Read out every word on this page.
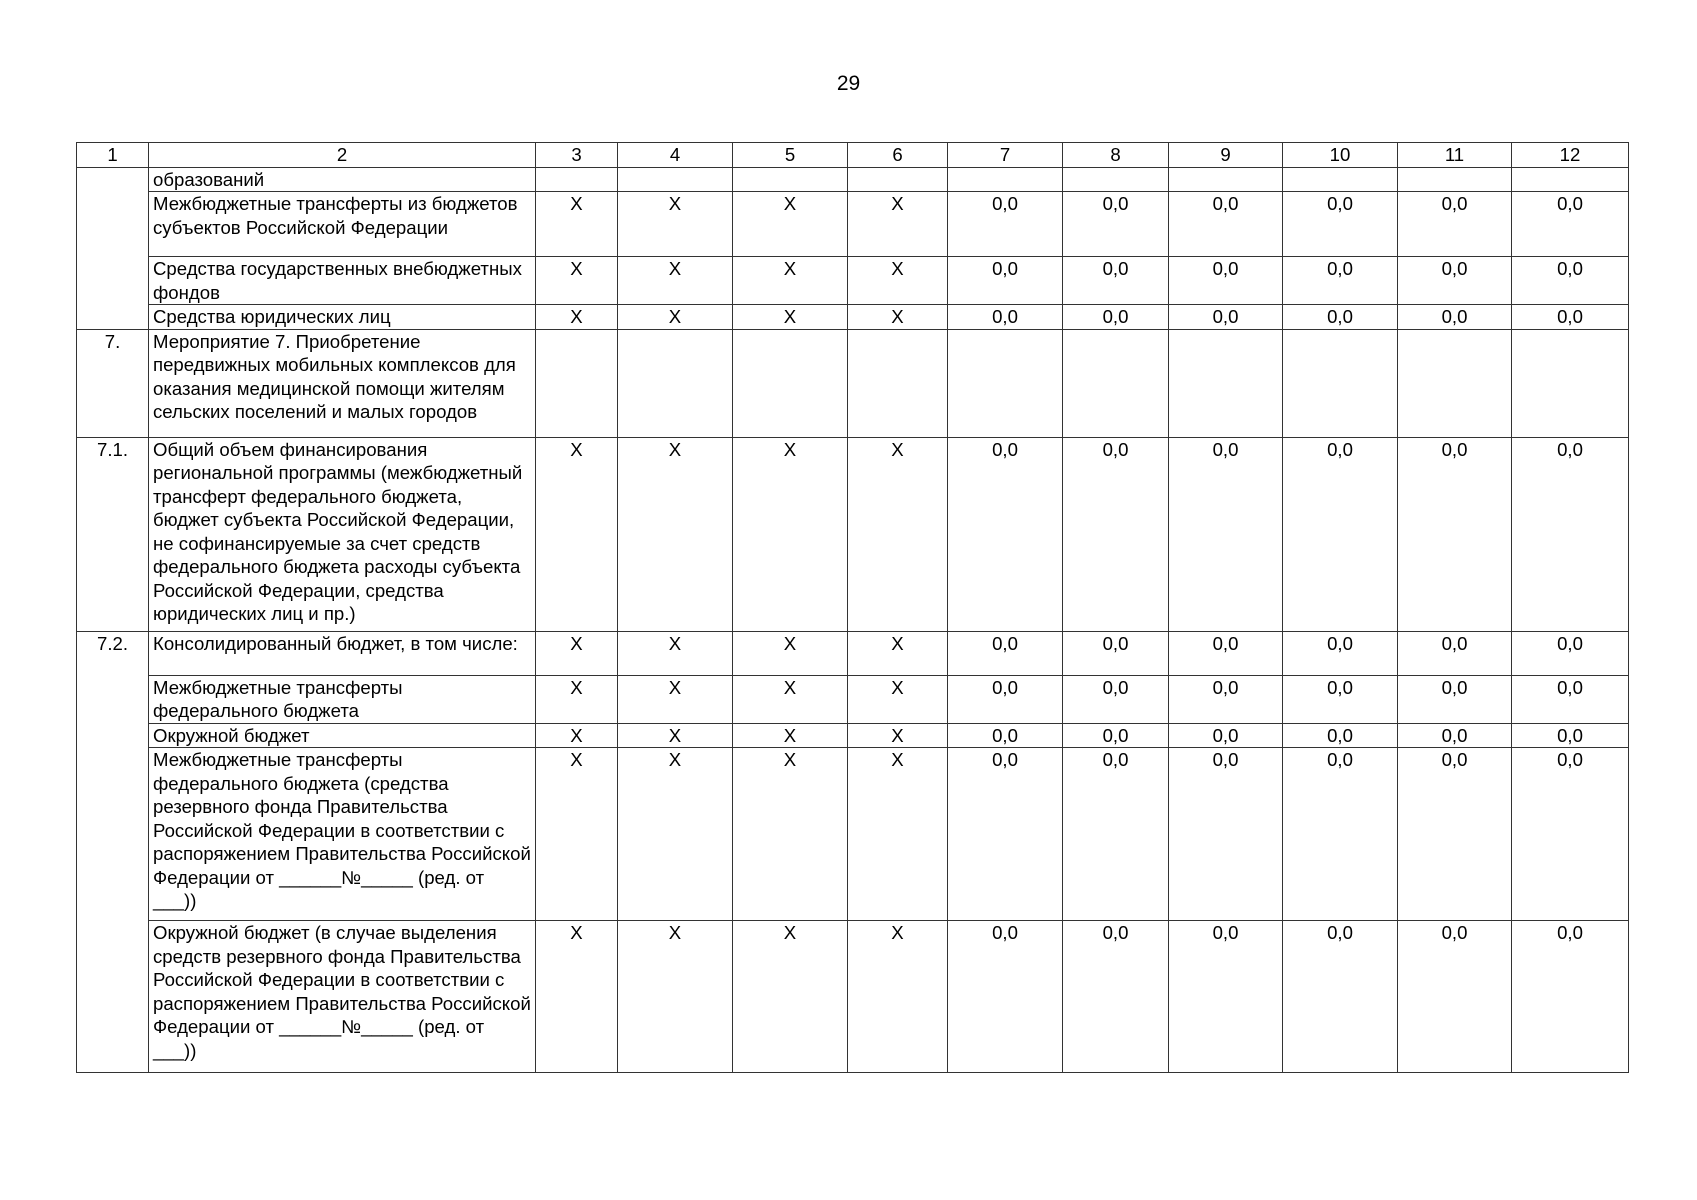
29
1	2	3	4	5	6	7	8	9	10	11	12
	образований										
	Межбюджетные трансферты из бюджетов субъектов Российской Федерации	X	X	X	X	0,0	0,0	0,0	0,0	0,0	0,0
	Средства государственных внебюджетных фондов	X	X	X	X	0,0	0,0	0,0	0,0	0,0	0,0
	Средства юридических лиц	X	X	X	X	0,0	0,0	0,0	0,0	0,0	0,0
7.	Мероприятие 7. Приобретение передвижных мобильных комплексов для оказания медицинской помощи жителям сельских поселений и малых городов										
7.1.	Общий объем финансирования региональной программы (межбюджетный трансферт федерального бюджета, бюджет субъекта Российской Федерации, не софинансируемые за счет средств федерального бюджета расходы субъекта Российской Федерации, средства юридических лиц и пр.)	X	X	X	X	0,0	0,0	0,0	0,0	0,0	0,0
7.2.	Консолидированный бюджет, в том числе:	X	X	X	X	0,0	0,0	0,0	0,0	0,0	0,0
	Межбюджетные трансферты федерального бюджета	X	X	X	X	0,0	0,0	0,0	0,0	0,0	0,0
	Окружной бюджет	X	X	X	X	0,0	0,0	0,0	0,0	0,0	0,0
	Межбюджетные трансферты федерального бюджета (средства резервного фонда Правительства Российской Федерации в соответствии с распоряжением Правительства Российской Федерации от ______№_____ (ред. от ___))	X	X	X	X	0,0	0,0	0,0	0,0	0,0	0,0
	Окружной бюджет (в случае выделения средств резервного фонда Правительства Российской Федерации в соответствии с распоряжением Правительства Российской Федерации от ______№_____ (ред. от ___))	X	X	X	X	0,0	0,0	0,0	0,0	0,0	0,0
